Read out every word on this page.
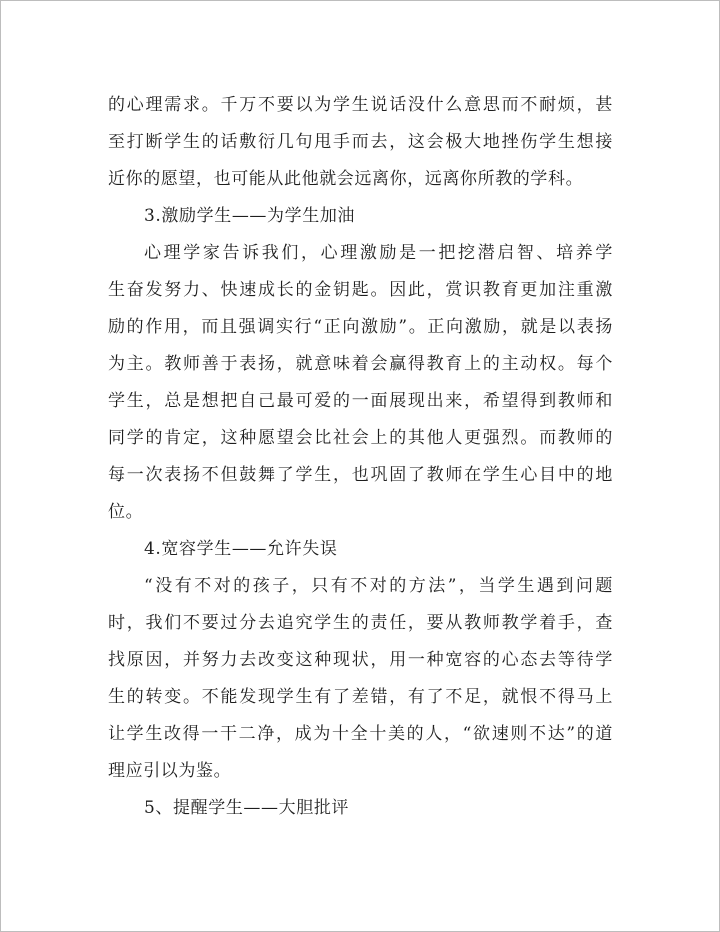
的心理需求。千万不要以为学生说话没什么意思而不耐烦，甚
至打断学生的话敷衍几句甩手而去，这会极大地挫伤学生想接
近你的愿望，也可能从此他就会远离你，远离你所教的学科。
3.激励学生——为学生加油
心理学家告诉我们，心理激励是一把挖潜启智、培养学
生奋发努力、快速成长的金钥匙。因此，赏识教育更加注重激
励的作用，而且强调实行“正向激励”。正向激励，就是以表扬
为主。教师善于表扬，就意味着会赢得教育上的主动权。每个
学生，总是想把自己最可爱的一面展现出来，希望得到教师和
同学的肯定，这种愿望会比社会上的其他人更强烈。而教师的
每一次表扬不但鼓舞了学生，也巩固了教师在学生心目中的地
位。
4.宽容学生——允许失误
“没有不对的孩子，只有不对的方法”，当学生遇到问题
时，我们不要过分去追究学生的责任，要从教师教学着手，查
找原因，并努力去改变这种现状，用一种宽容的心态去等待学
生的转变。不能发现学生有了差错，有了不足，就恨不得马上
让学生改得一干二净，成为十全十美的人，“欲速则不达”的道
理应引以为鉴。
5、提醒学生——大胆批评
